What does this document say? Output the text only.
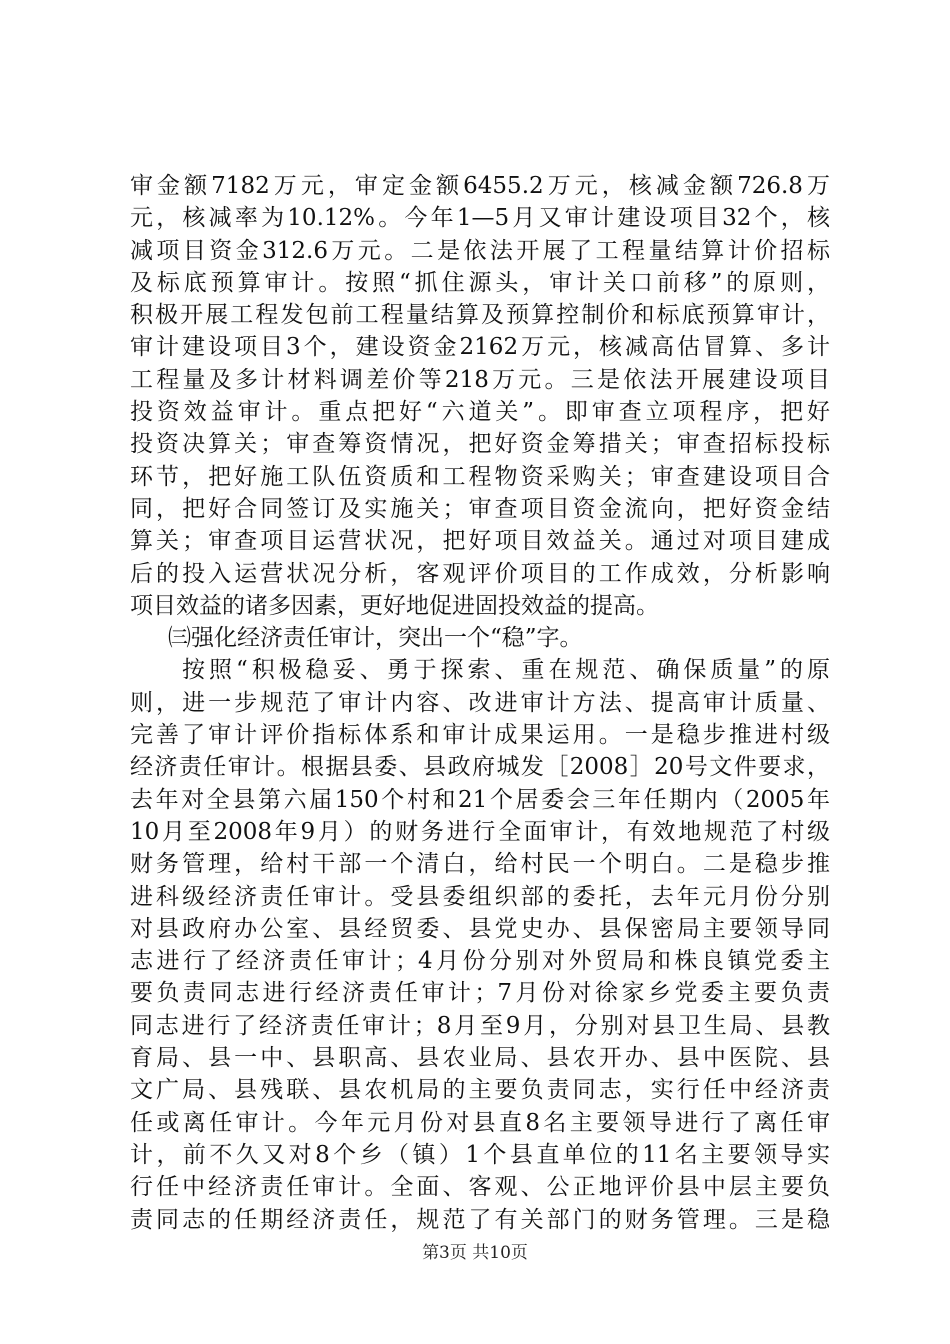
审金额7182万元，审定金额6455.2万元，核减金额726.8万
元，核减率为10.12%。今年1—5月又审计建设项目32个，核
减项目资金312.6万元。二是依法开展了工程量结算计价招标
及标底预算审计。按照“抓住源头，审计关口前移”的原则，
积极开展工程发包前工程量结算及预算控制价和标底预算审计，
审计建设项目3个，建设资金2162万元，核减高估冒算、多计
工程量及多计材料调差价等218万元。三是依法开展建设项目
投资效益审计。重点把好“六道关”。即审查立项程序，把好
投资决算关；审查筹资情况，把好资金筹措关；审查招标投标
环节，把好施工队伍资质和工程物资采购关；审查建设项目合
同，把好合同签订及实施关；审查项目资金流向，把好资金结
算关；审查项目运营状况，把好项目效益关。通过对项目建成
后的投入运营状况分析，客观评价项目的工作成效，分析影响
项目效益的诸多因素，更好地促进固投效益的提高。
㈢强化经济责任审计，突出一个“稳”字。
按照“积极稳妥、勇于探索、重在规范、确保质量”的原
则，进一步规范了审计内容、改进审计方法、提高审计质量、
完善了审计评价指标体系和审计成果运用。一是稳步推进村级
经济责任审计。根据县委、县政府城发［2008］20号文件要求，
去年对全县第六届150个村和21个居委会三年任期内（2005年
10月至2008年9月）的财务进行全面审计，有效地规范了村级
财务管理，给村干部一个清白，给村民一个明白。二是稳步推
进科级经济责任审计。受县委组织部的委托，去年元月份分别
对县政府办公室、县经贸委、县党史办、县保密局主要领导同
志进行了经济责任审计；4月份分别对外贸局和株良镇党委主
要负责同志进行经济责任审计；7月份对徐家乡党委主要负责
同志进行了经济责任审计；8月至9月，分别对县卫生局、县教
育局、县一中、县职高、县农业局、县农开办、县中医院、县
文广局、县残联、县农机局的主要负责同志，实行任中经济责
任或离任审计。今年元月份对县直8名主要领导进行了离任审
计，前不久又对8个乡（镇）1个县直单位的11名主要领导实
行任中经济责任审计。全面、客观、公正地评价县中层主要负
责同志的任期经济责任，规范了有关部门的财务管理。三是稳
第3页 共10页
